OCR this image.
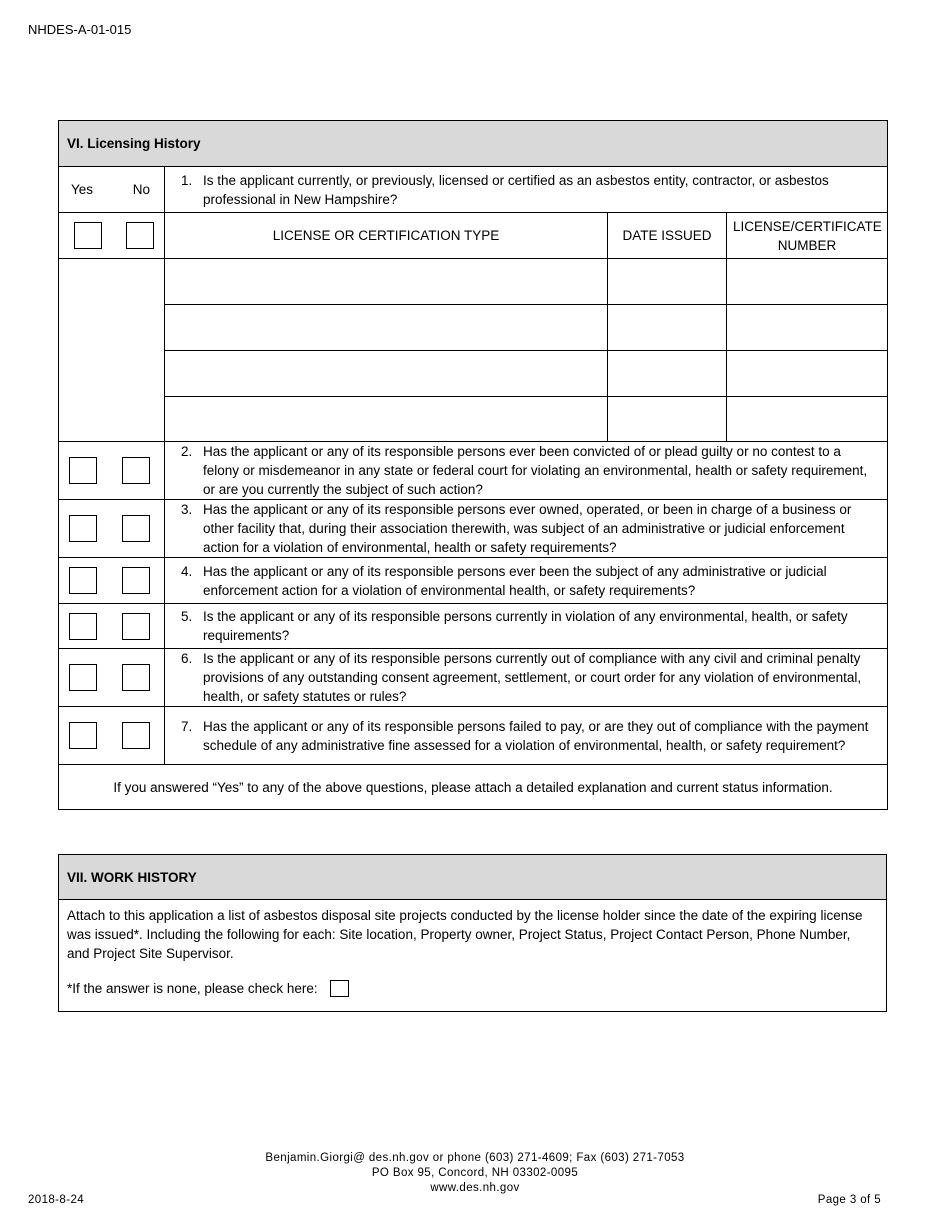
NHDES-A-01-015
VI. Licensing History			

Yes No	1. Is the applicant currently, or previously, licensed or certified as an asbestos entity, contractor, or asbestos professional in New Hampshire?		

	LICENSE OR CERTIFICATION TYPE	DATE ISSUED	LICENSE/CERTIFICATE NUMBER

	2. Has the applicant or any of its responsible persons ever been convicted of or plead guilty or no contest to a felony or misdemeanor in any state or federal court for violating an environmental, health or safety requirement, or are you currently the subject of such action?		

	3. Has the applicant or any of its responsible persons ever owned, operated, or been in charge of a business or other facility that, during their association therewith, was subject of an administrative or judicial enforcement action for a violation of environmental, health or safety requirements?		

	4. Has the applicant or any of its responsible persons ever been the subject of any administrative or judicial enforcement action for a violation of environmental health, or safety requirements?		

	5. Is the applicant or any of its responsible persons currently in violation of any environmental, health, or safety requirements?		

	6. Is the applicant or any of its responsible persons currently out of compliance with any civil and criminal penalty provisions of any outstanding consent agreement, settlement, or court order for any violation of environmental, health, or safety statutes or rules?		

	7. Has the applicant or any of its responsible persons failed to pay, or are they out of compliance with the payment schedule of any administrative fine assessed for a violation of environmental, health, or safety requirement?		

If you answered “Yes” to any of the above questions, please attach a detailed explanation and current status information.			
VII. WORK HISTORY

Attach to this application a list of asbestos disposal site projects conducted by the license holder since the date of the expiring license was issued*. Including the following for each: Site location, Property owner, Project Status, Project Contact Person, Phone Number, and Project Site Supervisor.
*If the answer is none, please check here:
Benjamin.Giorgi@ des.nh.gov or phone (603) 271-4609; Fax (603) 271-7053
PO Box 95, Concord, NH 03302-0095
www.des.nh.gov
2018-8-24	Page 3 of 5
